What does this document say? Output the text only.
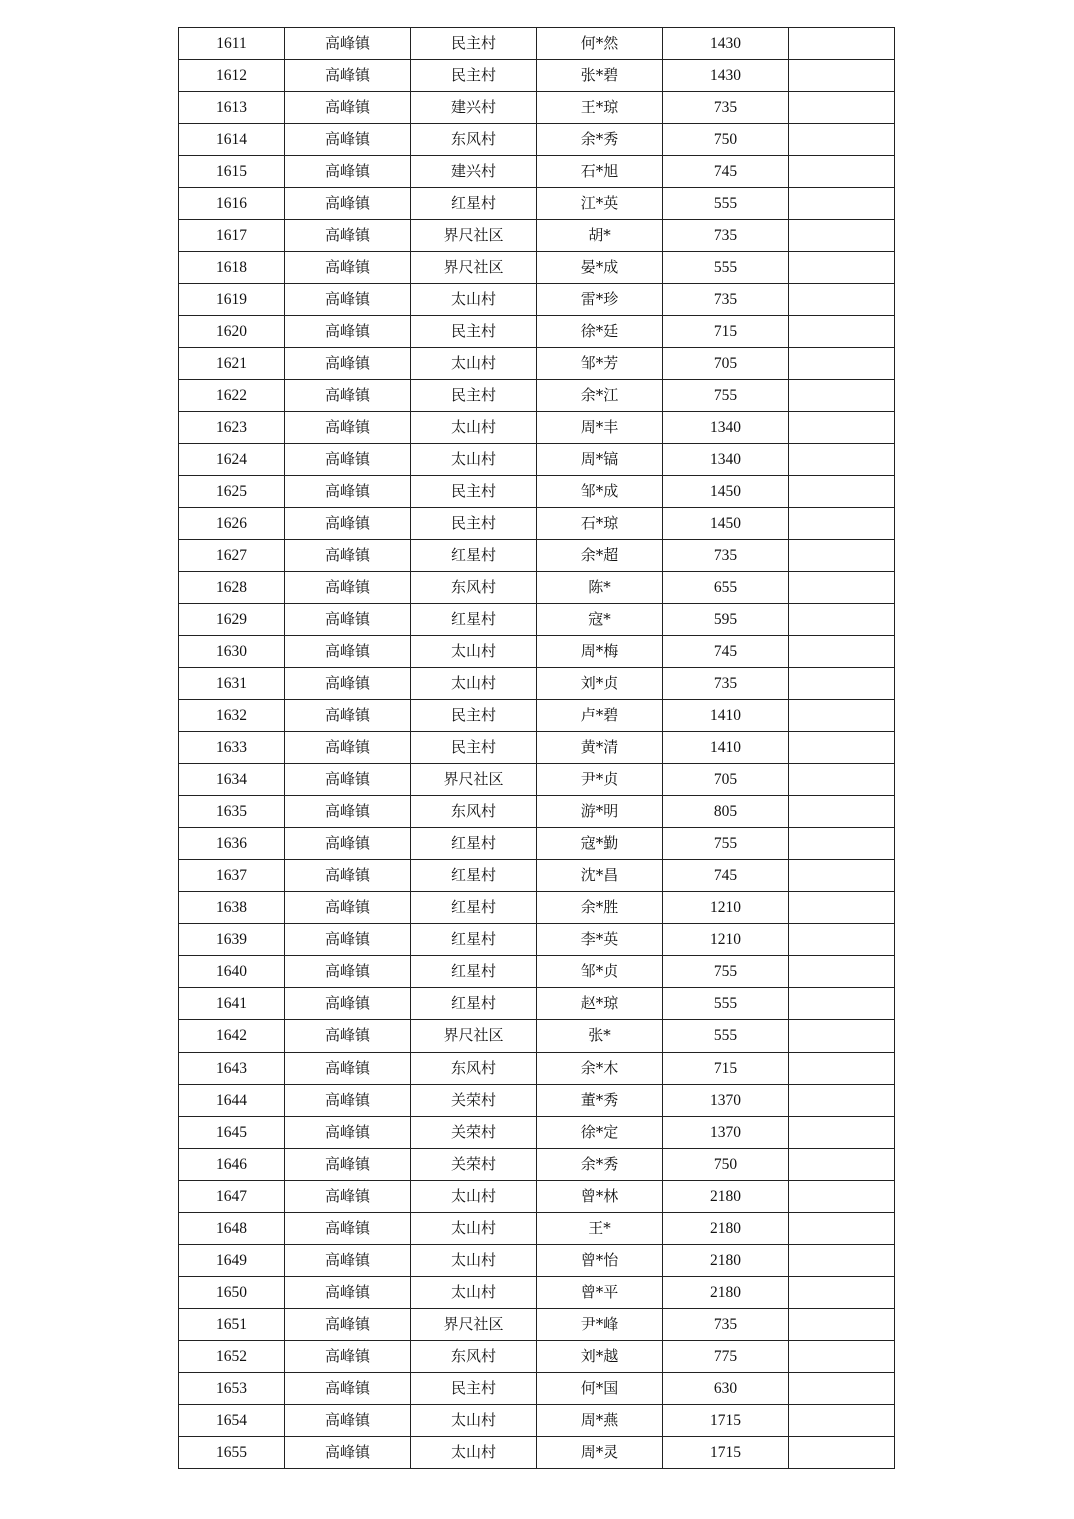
1611	高峰镇	民主村	何*然	1430	
1612	高峰镇	民主村	张*碧	1430	
1613	高峰镇	建兴村	王*琼	735	
1614	高峰镇	东风村	余*秀	750	
1615	高峰镇	建兴村	石*旭	745	
1616	高峰镇	红星村	江*英	555	
1617	高峰镇	界尺社区	胡*	735	
1618	高峰镇	界尺社区	晏*成	555	
1619	高峰镇	太山村	雷*珍	735	
1620	高峰镇	民主村	徐*廷	715	
1621	高峰镇	太山村	邹*芳	705	
1622	高峰镇	民主村	余*江	755	
1623	高峰镇	太山村	周*丰	1340	
1624	高峰镇	太山村	周*镐	1340	
1625	高峰镇	民主村	邹*成	1450	
1626	高峰镇	民主村	石*琼	1450	
1627	高峰镇	红星村	余*超	735	
1628	高峰镇	东风村	陈*	655	
1629	高峰镇	红星村	寇*	595	
1630	高峰镇	太山村	周*梅	745	
1631	高峰镇	太山村	刘*贞	735	
1632	高峰镇	民主村	卢*碧	1410	
1633	高峰镇	民主村	黄*清	1410	
1634	高峰镇	界尺社区	尹*贞	705	
1635	高峰镇	东风村	游*明	805	
1636	高峰镇	红星村	寇*勤	755	
1637	高峰镇	红星村	沈*昌	745	
1638	高峰镇	红星村	余*胜	1210	
1639	高峰镇	红星村	李*英	1210	
1640	高峰镇	红星村	邹*贞	755	
1641	高峰镇	红星村	赵*琼	555	
1642	高峰镇	界尺社区	张*	555	
1643	高峰镇	东风村	余*木	715	
1644	高峰镇	关荣村	董*秀	1370	
1645	高峰镇	关荣村	徐*定	1370	
1646	高峰镇	关荣村	余*秀	750	
1647	高峰镇	太山村	曾*林	2180	
1648	高峰镇	太山村	王*	2180	
1649	高峰镇	太山村	曾*怡	2180	
1650	高峰镇	太山村	曾*平	2180	
1651	高峰镇	界尺社区	尹*峰	735	
1652	高峰镇	东风村	刘*越	775	
1653	高峰镇	民主村	何*国	630	
1654	高峰镇	太山村	周*燕	1715	
1655	高峰镇	太山村	周*灵	1715	
